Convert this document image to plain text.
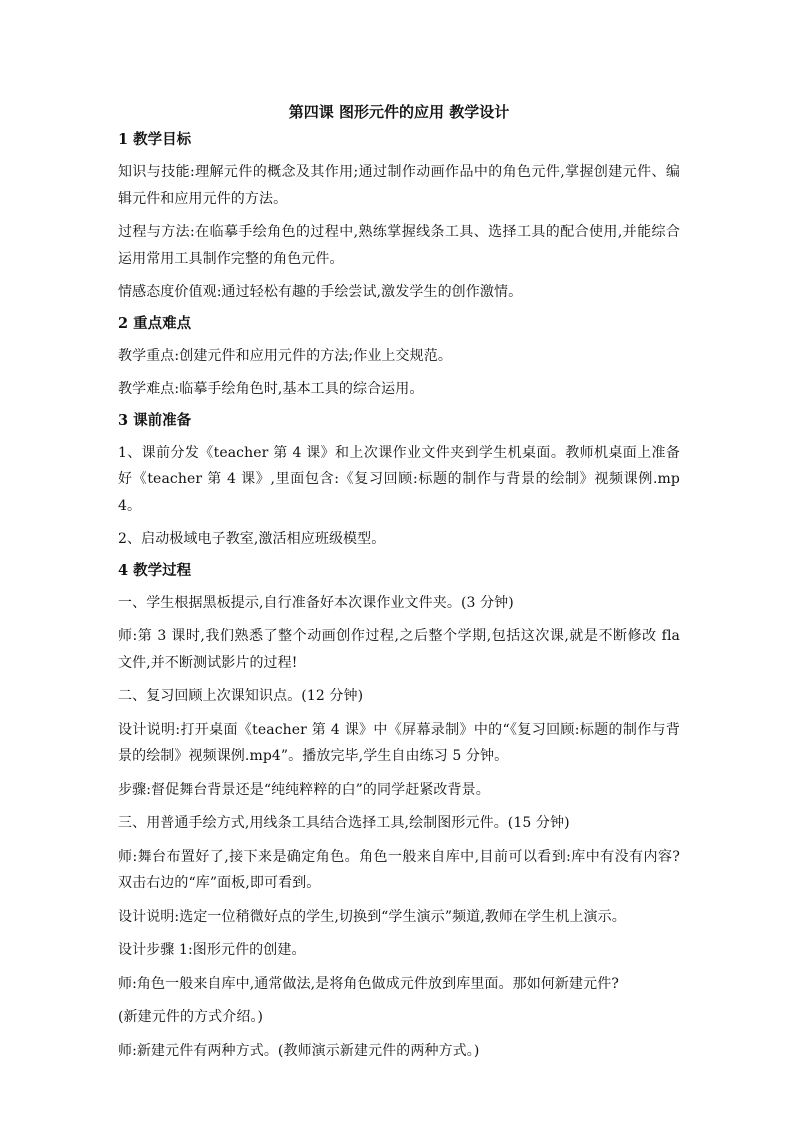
第四课 图形元件的应用 教学设计
1 教学目标
知识与技能:理解元件的概念及其作用;通过制作动画作品中的角色元件,掌握创建元件、编辑元件和应用元件的方法。
过程与方法:在临摹手绘角色的过程中,熟练掌握线条工具、选择工具的配合使用,并能综合运用常用工具制作完整的角色元件。
情感态度价值观:通过轻松有趣的手绘尝试,激发学生的创作激情。
2 重点难点
教学重点:创建元件和应用元件的方法;作业上交规范。
教学难点:临摹手绘角色时,基本工具的综合运用。
3 课前准备
1、课前分发《teacher 第 4 课》和上次课作业文件夹到学生机桌面。教师机桌面上准备好《teacher 第 4 课》,里面包含:《复习回顾:标题的制作与背景的绘制》视频课例.mp4。
2、启动极域电子教室,激活相应班级模型。
4 教学过程
一、学生根据黑板提示,自行准备好本次课作业文件夹。(3 分钟)
师:第 3 课时,我们熟悉了整个动画创作过程,之后整个学期,包括这次课,就是不断修改 fla 文件,并不断测试影片的过程!
二、复习回顾上次课知识点。(12 分钟)
设计说明:打开桌面《teacher 第 4 课》中《屏幕录制》中的“《复习回顾:标题的制作与背景的绘制》视频课例.mp4”。播放完毕,学生自由练习 5 分钟。
步骤:督促舞台背景还是“纯纯粹粹的白”的同学赶紧改背景。
三、用普通手绘方式,用线条工具结合选择工具,绘制图形元件。(15 分钟)
师:舞台布置好了,接下来是确定角色。角色一般来自库中,目前可以看到:库中有没有内容?双击右边的“库”面板,即可看到。
设计说明:选定一位稍微好点的学生,切换到“学生演示”频道,教师在学生机上演示。
设计步骤 1:图形元件的创建。
师:角色一般来自库中,通常做法,是将角色做成元件放到库里面。那如何新建元件?
(新建元件的方式介绍。)
师:新建元件有两种方式。(教师演示新建元件的两种方式。)
